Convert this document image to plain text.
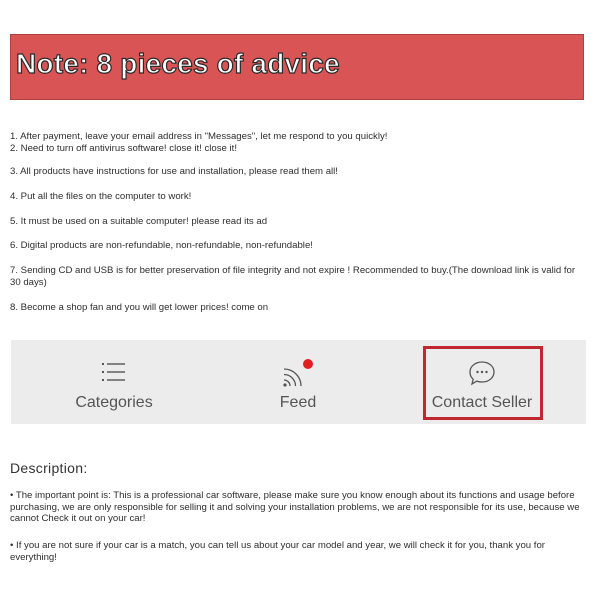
Note: 8 pieces of advice
1. After payment, leave your email address in "Messages", let me respond to you quickly!
2. Need to turn off antivirus software! close it! close it!
3. All products have instructions for use and installation, please read them all!
4. Put all the files on the computer to work!
5. It must be used on a suitable computer! please read its ad
6. Digital products are non-refundable, non-refundable, non-refundable!
7. Sending CD and USB is for better preservation of file integrity and not expire ! Recommended to buy.(The download link is valid for 30 days)
8. Become a shop fan and you will get lower prices! come on
Categories	Feed	Contact Seller
Description:
• The important point is: This is a professional car software, please make sure you know enough about its functions and usage before purchasing, we are only responsible for selling it and solving your installation problems, we are not responsible for its use, because we cannot Check it out on your car!
• If you are not sure if your car is a match, you can tell us about your car model and year, we will check it for you, thank you for everything!
